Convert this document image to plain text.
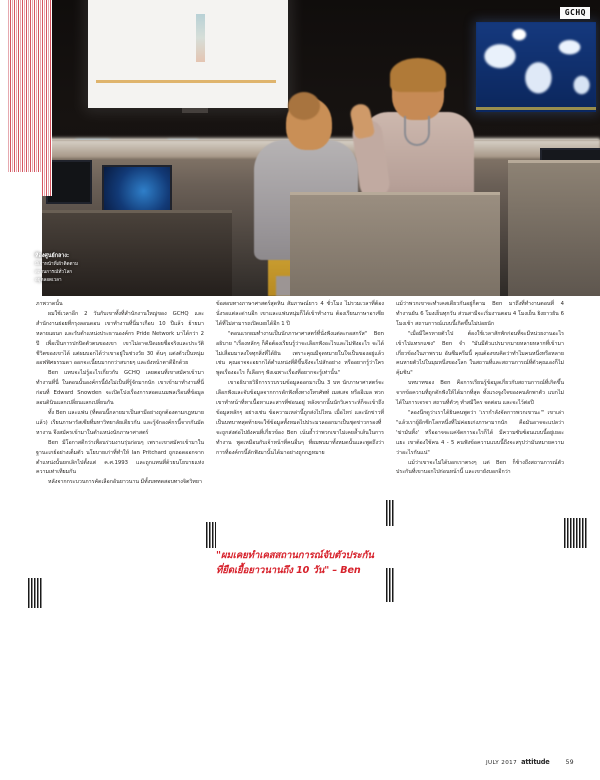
GCHQ
ห้องศูนย์กลาง:
มีเจ้าหน้าที่เฝ้าติดตาม
สถานการณ์ทั่วโลก
อยู่ตลอดเวลา

ภาพวาดนั้น

ผมใช้เวลาอีก 2 วันกับเขาทั้งที่สำนักงานใหญ่ของ GCHQ และสำนักงานย่อยที่กรุงลอนดอน เขาทำงานที่นี่มาเกือบ 10 ปีแล้ว ย้ายมาหลายแผนก และรับตำแหน่งประธานองค์กร Pride Network มาได้กว่า 2 ปี เพื่อเป็นการปกปิดตัวตนของเขา เขาไม่อาจเปิดเผยชื่อจริงและประวัติชีวิตของเขาได้ แต่ผมบอกได้ว่าเขาอยู่ในช่วงวัย 30 ต้นๆ แต่งตัวเป็นหนุ่มออฟฟิศธรรมดา ออกจะเนี้ยบมากกว่าสบายๆ และยังหน้าตาดีอีกด้วย

Ben แทบจะไม่รู้อะไรเกี่ยวกับ GCHQ เลยตอนที่เขาสมัครเข้ามาทำงานที่นี่ ในตอนนั้นองค์กรนี้ยังไม่เป็นที่รู้จักมากนัก เขาเข้ามาทำงานที่นี่ก่อนที่ Edward Snowden จะเปิดโปงเรื่องการสอดแนมพลเรือนที่ข้อมูลลอนดินินแลกเปลี่ยนแลกเปลี่ยนกัน

ทั้ง Ben และแฟน (ที่ตอนนี้กลายมาเป็นสามีอย่างถูกต้องตามกฎหมายแล้ว) เรียนภาษารัสเซียที่มหาวิทยาลัยเดียวกัน และรู้จักองค์กรนี้จากกันมัดหางาน จึงสมัครเข้ามาในตำแหน่งนักภาษาศาสตร์

Ben มีโอกาสดีกว่าเพื่อนร่วมงานรุ่นก่อนๆ เพราะเขาสมัครเข้ามาในฐานะเกย์อย่างเต็มตัว นโยบายเก่าที่ทำให้ Ian Pritchard ถูกถอดออกจากตำแหน่งนั้นยกเลิกไปตั้งแต่ ค.ศ.1993 และถูกแทนที่ด้วยนโยบายแห่งความเท่าเทียมกัน

หลังจากกระบวนการคัดเลือกอันยาวนาน มีทั้งบททดสอบทางจิตวิทยา

ข้อสอบทางภาษาศาสตร์สุดหิน สัมภาษณ์ยาว 4 ชั่วโมง ไม่รวมเวลาที่ต้องนั่งรอแต่ละด่านอีก เขาและแฟนหนุ่มก็ได้เข้าทำงาน ต้องเรียนภาษาอาเซียได้ที่ไม่สามารถเปิดเผยได้อีก 1 ปี

"ตอนแรกผมทำงานเป็นนักภาษาศาสตร์ที่นั่งฟังแต่ละกอสกรัส" Ben อธิบาย "เรื่องหลักๆ ก็คือต้องเรียนรู้ว่าจะเลือกฟังอะไรและไม่ฟังอะไร จะได้ไม่เสื่อมมาลงใจทุกสิ่งที่ได้ยิน เพราะคุณมีจุดหมายในใจเป็นของอยู่แล้ว เช่น คุณอาจจะอยากได้ตำแหน่งที่ดีขึ้นจึงจะไปสักอย่าง หรืออยากรู้ว่าใครพูดเรื่องอะไร ก็เลือกๆ ฟังเฉพาะเรื่องที่อยากจะรู้เท่านั้น"

เขาอธิบายวิธีการรวบรวมข้อมูลออกมาเป็น 3 บท นักภาษาศาสตร์จะเลือกฟังและจับข้อมูลจากการดักฟังทั้งทางโทรศัพท์ เมสเสจ หรืออีเมล พวกเขาทำหน้าที่หาเนื้อหาและสารที่ซ่อนอยู่ หลังจากนั้นนักวิเคราะห์ก็จะเข้าถึงข้อมูลหลักๆ อย่างเช่น ข้อความเหล่านี้ถูกส่งไปไหน เมื่อไหร่ และนักข่าวที่เป็นบทบาทสุดท้ายจะใช้ข้อมูลทั้งหมดไปประมวลออกมาเป็นชุดข่าวกรองที่จะถูกส่งต่อไปยังคนที่เกี่ยวข้อง Ben เน้นย้ำว่าพวกเขาไม่เคยล้ำเส้นในการทำงาน พูดเหมือนกับเจ้าหน้าที่คนอื่นๆ ที่ผมพบมาทั้งหมดนั้นและพูดถึงว่าการที่องค์กรนี้ลักฟังมานั้นได้มาอย่างถูกกฎหมาย

แม้ว่าพวกเขาจะทำเคสเดียวกันอยู่ก็ตาม Ben มาถึงที่ทำงานตอนที่ 4 ทำงานยัน 6 โมงเย็นทุกวัน ส่วนสามีจะเริ่มงานตอน 4 โมงเย็น ยิงยาวยัน 6 โมงเช้า สถานการณ์แบบนี้เกิดขึ้นไม่บ่อยนัก

"เมื่อมีใครหายตัวไป ต้องใช้เวลาสักพักก่อนที่จะมีหน่วยงานอะไรเข้าไปแทรกแซง" Ben จำ "มันมีตัวแปรมากมายหลายหลากที่เข้ามาเกี่ยวข้องในภาพรวม อันซึมครีมนี้ คุณต้องขบคิดว่าทำไมคนหนึ่งหรือหลายคนหายตัวไปในมุมหนึ่งของโลก ในสถานที่และสถานการณ์ที่ตัวคุณเองก็ไม่คุ้มชิน"

บทบาทของ Ben คือการเรียนรู้ข้อมูลเกี่ยวกับสถานการณ์ที่เกิดขึ้นจากข้อความที่ถูกดักฟังให้ได้มากที่สุด ทั้งแรงจูงใจของคนลักพาตัว แบกไม่ได้ในการเจรจา สถานที่ตัวๆ ทำสมีใคร จดต่อน และจะไว้ต่อปี

"ลองนึกดูว่าเราได้ยินคนพูดว่า 'เรากำลังจัดการพวกเขานะ'" เขาเล่า "แล้วเรายู้อีกซีกโลกหนึ่งที่ไม่ค่อยเก่งภาษามากนัก คือมันอาจจะแปลว่า 'ฆ่ามันทิ้ง' หรืออาจจะแค่จัดการอะไรก็ได้ มีความซับซ้อนแบบนี้อยู่เยอะแยะ เขาต้องใช้คน 4 - 5 คนฟังข้อความแบบนี้ถึงจะสรุปว่ามันหมายความว่าอะไรกันแน่"

แม้ว่าเขาจะไม่ได้บอกเราตรงๆ แต่ Ben ก็ช้างถึงสถานการณ์ตัวประกันที่เขาบอกไปก่อนหน้านี้ และเขายังบอกอีกว่า

"ผมเคยทำเคสสถานการณ์จับตัวประกัน
ที่ยืดเยื้อยาวนานถึง 10 วัน" – Ben
JULY 2017 attitude	59
